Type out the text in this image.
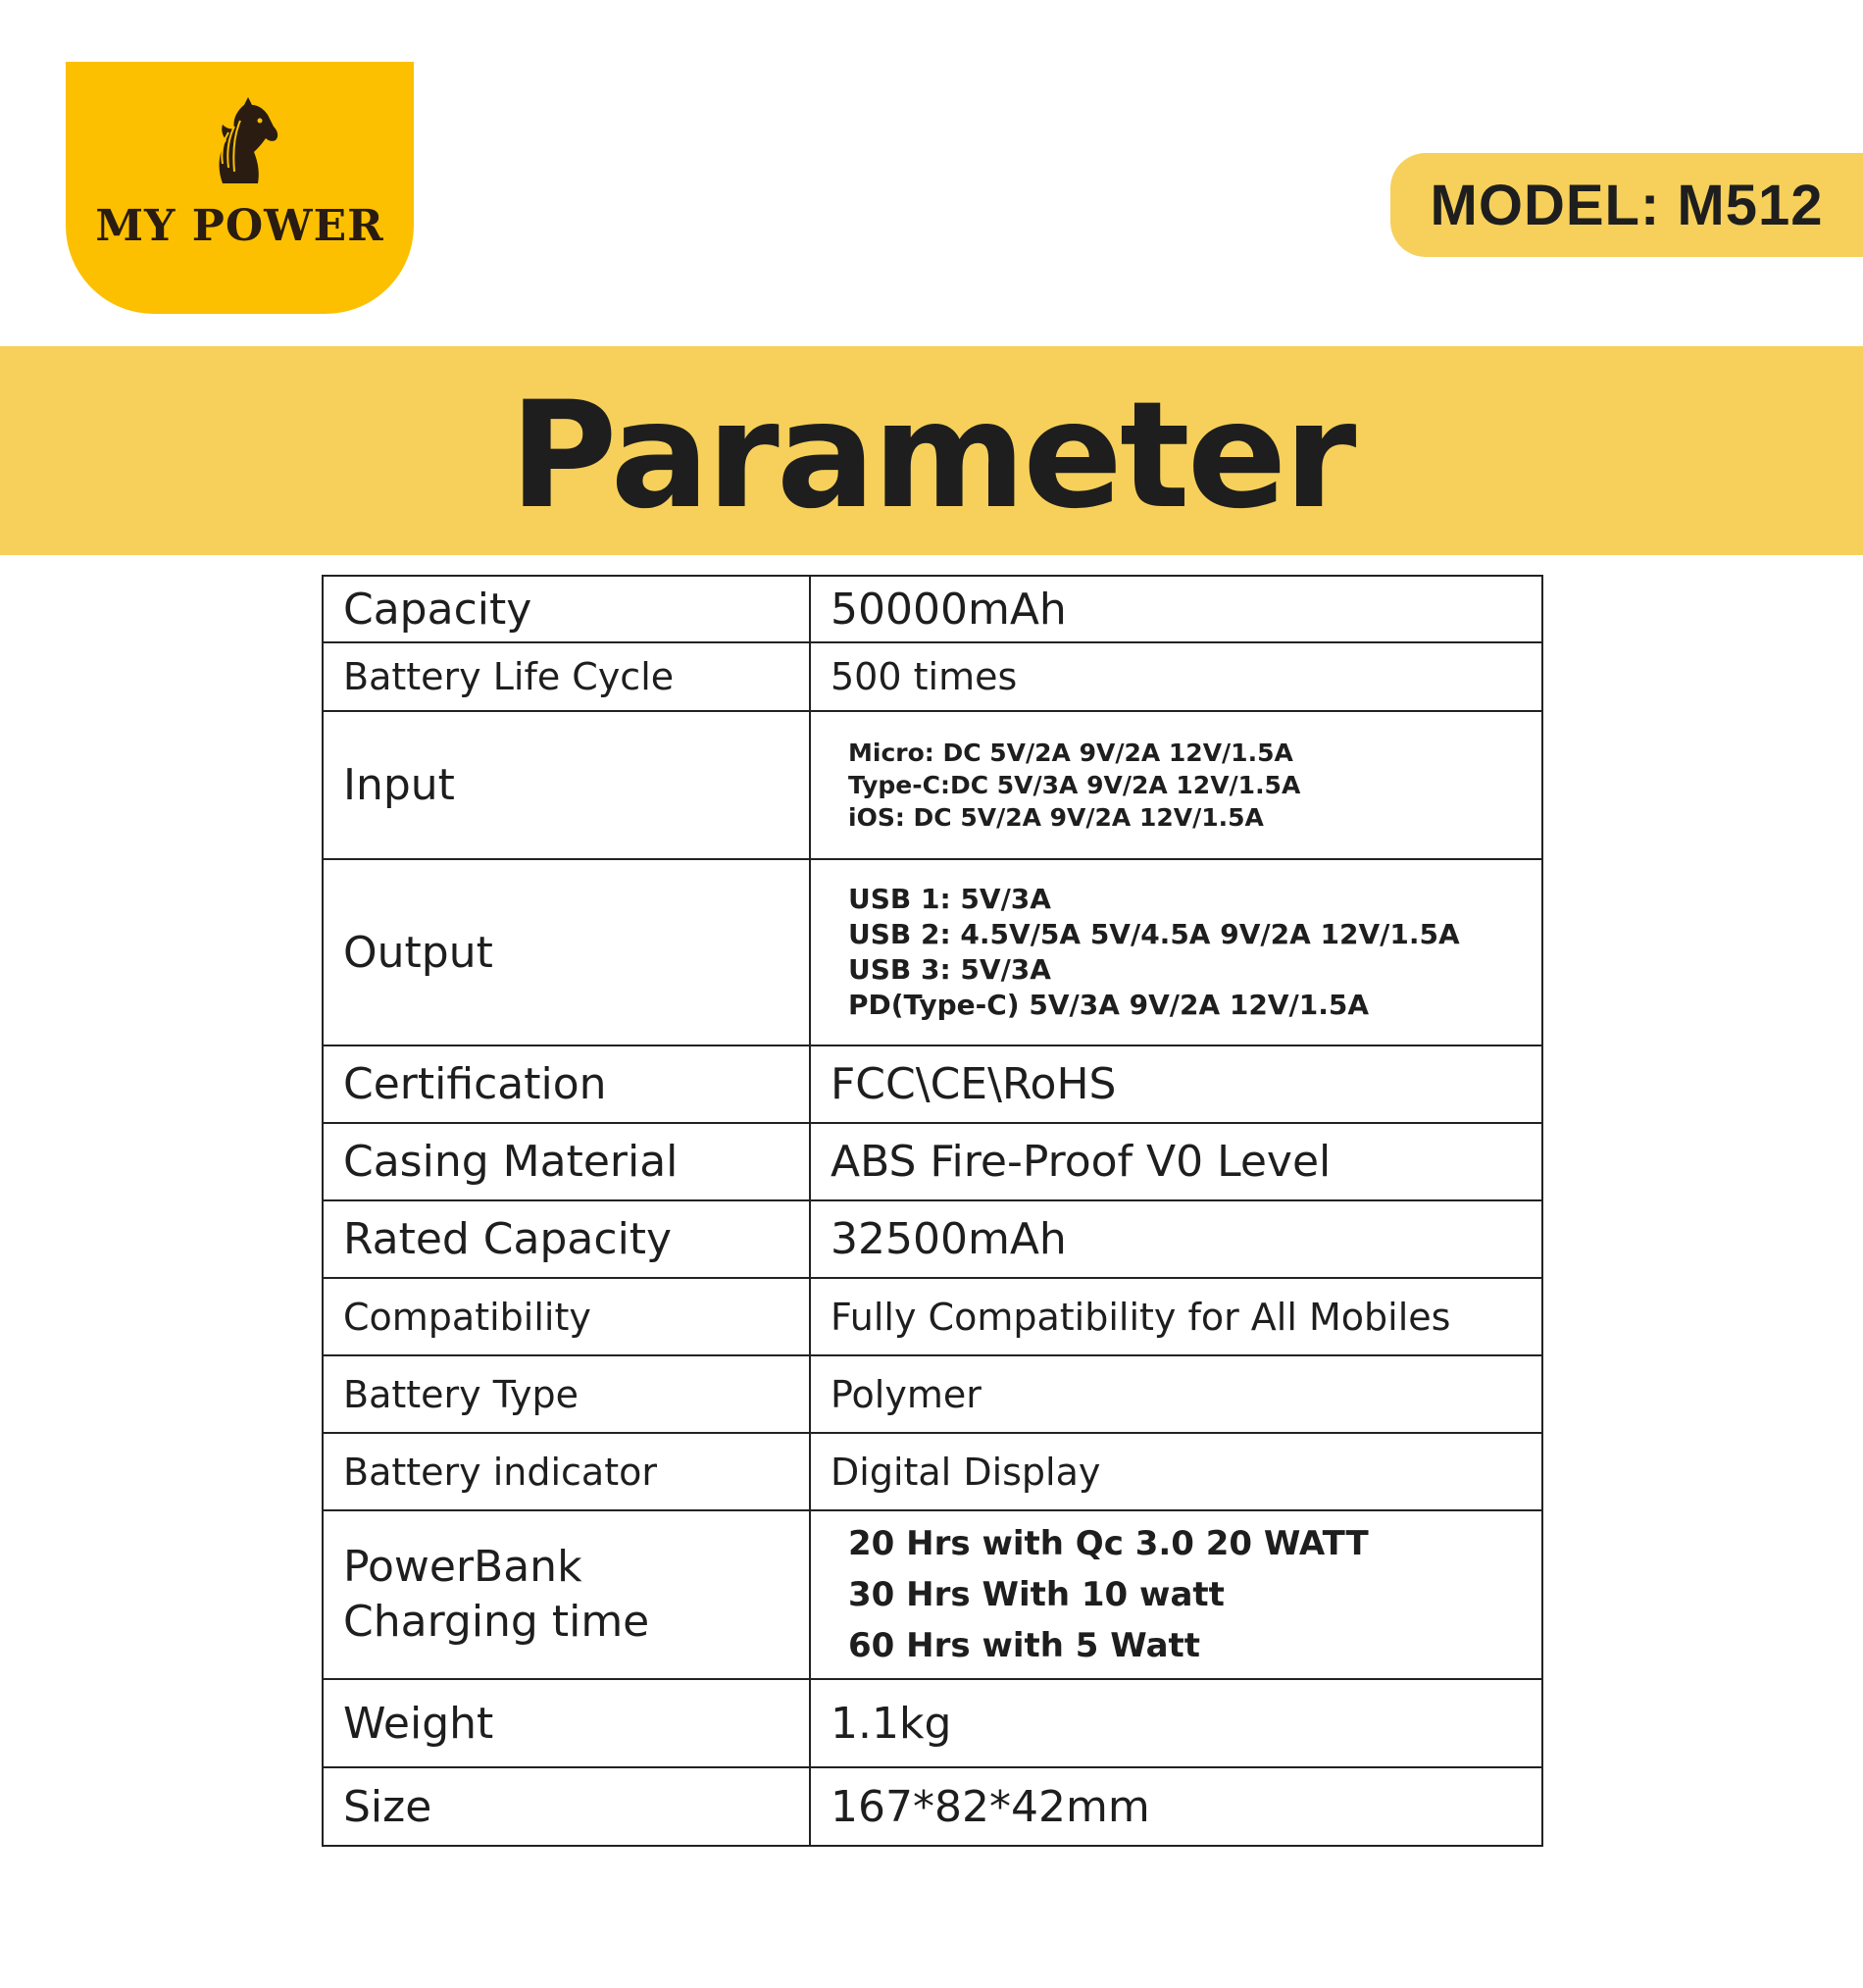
MY POWER	MODEL: M512
Parameter
Capacity	50000mAh
Battery Life Cycle	500 times
Input	Micro: DC 5V/2A 9V/2A 12V/1.5A
Type-C:DC 5V/3A 9V/2A 12V/1.5A
iOS: DC 5V/2A 9V/2A 12V/1.5A

Output	USB 1: 5V/3A
USB 2: 4.5V/5A 5V/4.5A 9V/2A 12V/1.5A
USB 3: 5V/3A
PD(Type-C) 5V/3A 9V/2A 12V/1.5A

Certification	FCC\CE\RoHS
Casing Material	ABS Fire-Proof V0 Level
Rated Capacity	32500mAh
Compatibility	Fully Compatibility for All Mobiles
Battery Type	Polymer
Battery indicator	Digital Display

PowerBank
Charging time	20 Hrs with Qc 3.0 20 WATT
30 Hrs With 10 watt
60 Hrs with 5 Watt

Weight	1.1kg
Size	167*82*42mm
